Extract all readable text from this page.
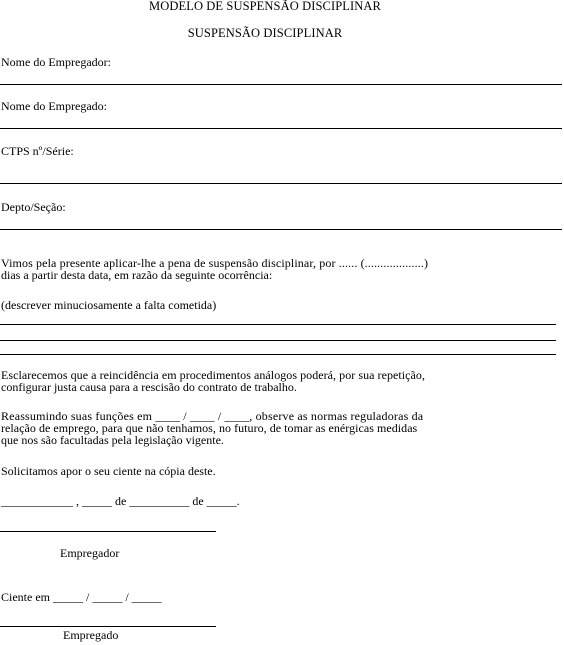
MODELO DE SUSPENSÃO DISCIPLINAR
SUSPENSÃO DISCIPLINAR
Nome do Empregador:
Nome do Empregado:
CTPS nº/Série:
Depto/Seção:
Vimos pela presente aplicar-lhe a pena de suspensão disciplinar, por ...... (...................)
dias a partir desta data, em razão da seguinte ocorrência:
(descrever minuciosamente a falta cometida)
Esclarecemos que a reincidência em procedimentos análogos poderá, por sua repetição,
configurar justa causa para a rescisão do contrato de trabalho.
Reassumindo suas funções em ____ / ____ / ____, observe as normas reguladoras da
relação de emprego, para que não tenhamos, no futuro, de tomar as enérgicas medidas
que nos são facultadas pela legislação vigente.
Solicitamos apor o seu ciente na cópia deste.
____________ , _____ de __________ de _____.
Empregador
Ciente em _____ / _____ / _____
Empregado
